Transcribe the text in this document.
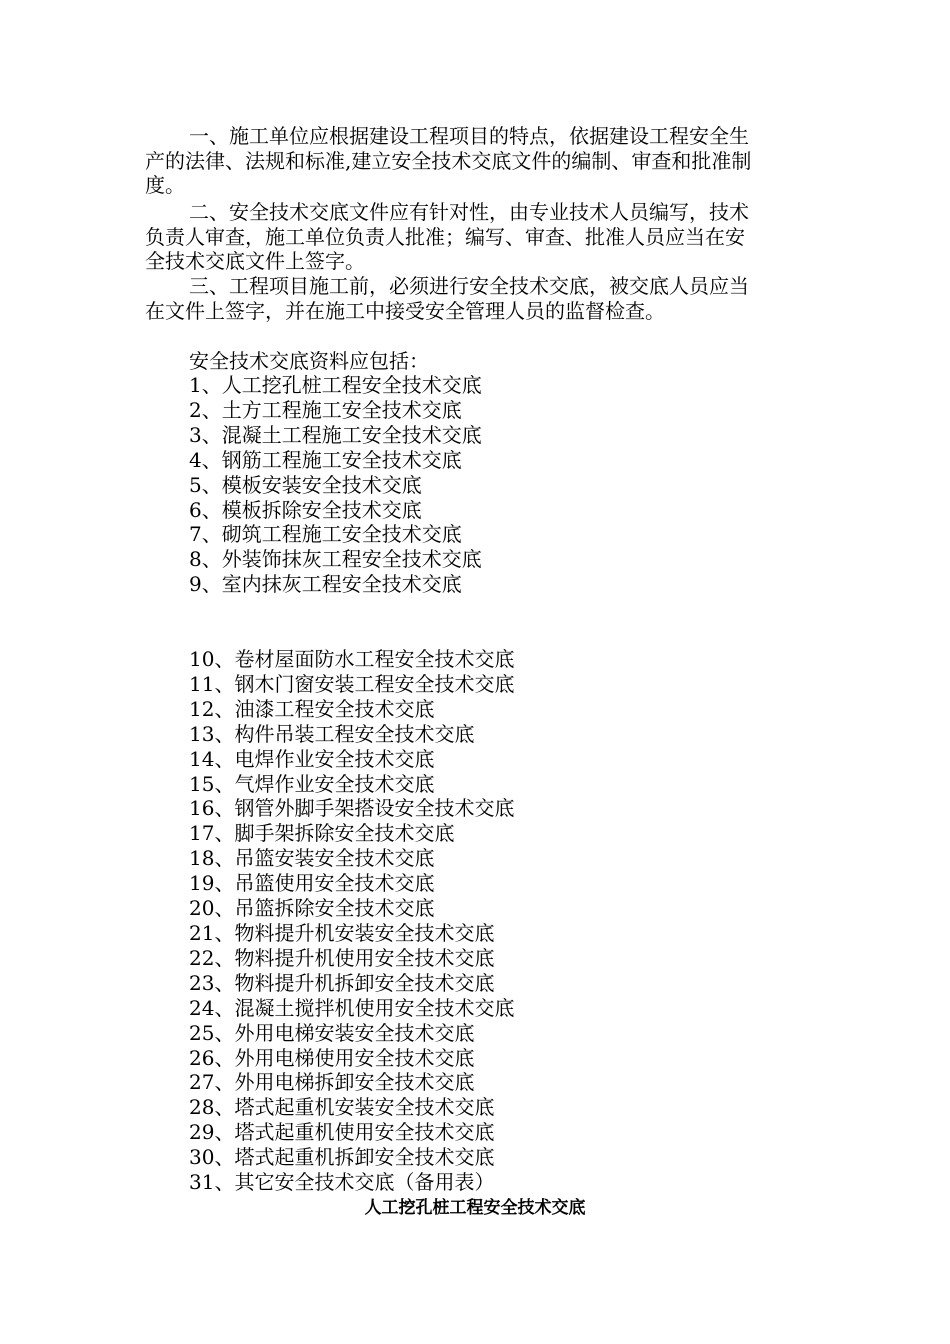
一、施工单位应根据建设工程项目的特点，依据建设工程安全生产的法律、法规和标准,建立安全技术交底文件的编制、审查和批准制度。

二、安全技术交底文件应有针对性，由专业技术人员编写，技术负责人审查，施工单位负责人批准；编写、审查、批准人员应当在安全技术交底文件上签字。

三、工程项目施工前，必须进行安全技术交底，被交底人员应当在文件上签字，并在施工中接受安全管理人员的监督检查。

安全技术交底资料应包括：

1、人工挖孔桩工程安全技术交底
2、土方工程施工安全技术交底
3、混凝土工程施工安全技术交底
4、钢筋工程施工安全技术交底
5、模板安装安全技术交底
6、模板拆除安全技术交底
7、砌筑工程施工安全技术交底
8、外装饰抹灰工程安全技术交底
9、室内抹灰工程安全技术交底
10、卷材屋面防水工程安全技术交底
11、钢木门窗安装工程安全技术交底
12、油漆工程安全技术交底
13、构件吊装工程安全技术交底
14、电焊作业安全技术交底
15、气焊作业安全技术交底
16、钢管外脚手架搭设安全技术交底
17、脚手架拆除安全技术交底
18、吊篮安装安全技术交底
19、吊篮使用安全技术交底
20、吊篮拆除安全技术交底
21、物料提升机安装安全技术交底
22、物料提升机使用安全技术交底
23、物料提升机拆卸安全技术交底
24、混凝土搅拌机使用安全技术交底
25、外用电梯安装安全技术交底
26、外用电梯使用安全技术交底
27、外用电梯拆卸安全技术交底
28、塔式起重机安装安全技术交底
29、塔式起重机使用安全技术交底
30、塔式起重机拆卸安全技术交底
31、其它安全技术交底（备用表）
人工挖孔桩工程安全技术交底
